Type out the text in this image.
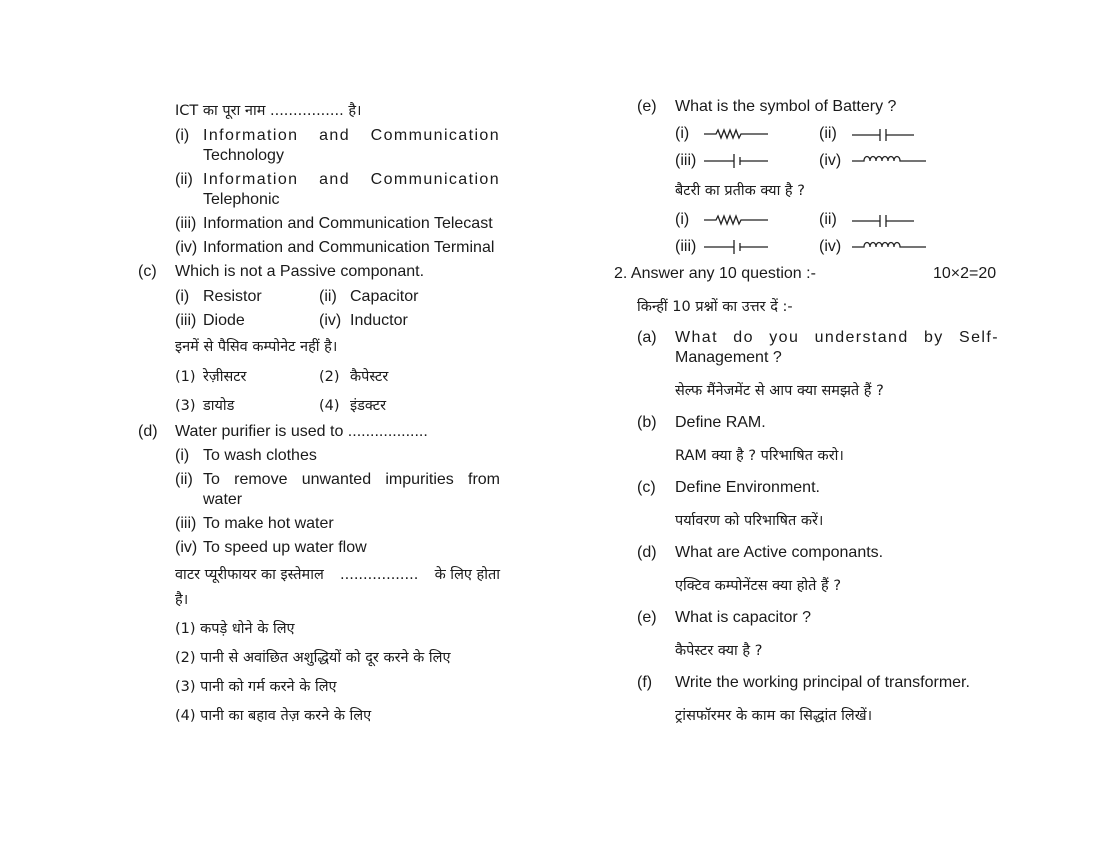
ICT का पूरा नाम ................ है।
(i) Information and Communication
Technology
(ii) Information and Communication
Telephonic
(iii) Information and Communication Telecast
(iv) Information and Communication Terminal
(c) Which is not a Passive componant.
(i) Resistor	(ii) Capacitor
(iii) Diode	(iv) Inductor
इनमें से पैसिव कम्पोनेट नहीं है।
(1) रेज़ीसटर	(2) कैपेस्टर
(3) डायोड	(4) इंडक्टर
(d) Water purifier is used to ..................
(i) To wash clothes
(ii) To remove unwanted impurities from
water
(iii) To make hot water
(iv) To speed up water flow
वाटर प्यूरीफायर का इस्तेमाल ................. के लिए होता
है।
(1) कपड़े धोने के लिए
(2) पानी से अवांछित अशुद्धियों को दूर करने के लिए
(3) पानी को गर्म करने के लिए
(4) पानी का बहाव तेज़ करने के लिए
(e) What is the symbol of Battery ?
(i)	(ii)
(iii)	(iv)
बैटरी का प्रतीक क्या है ?
(i)	(ii)
(iii)	(iv)
2. Answer any 10 question :-	10×2=20
किन्हीं 10 प्रश्नों का उत्तर दें :-
(a) What do you understand by Self-
Management ?
सेल्फ मैंनेजमेंट से आप क्या समझते हैं ?
(b) Define RAM.
RAM क्या है ? परिभाषित करो।
(c) Define Environment.
पर्यावरण को परिभाषित करें।
(d) What are Active componants.
एक्टिव कम्पोनेंटस क्या होते हैं ?
(e) What is capacitor ?
कैपेस्टर क्या है ?
(f) Write the working principal of transformer.
ट्रांसफॉरमर के काम का सिद्धांत लिखें।
